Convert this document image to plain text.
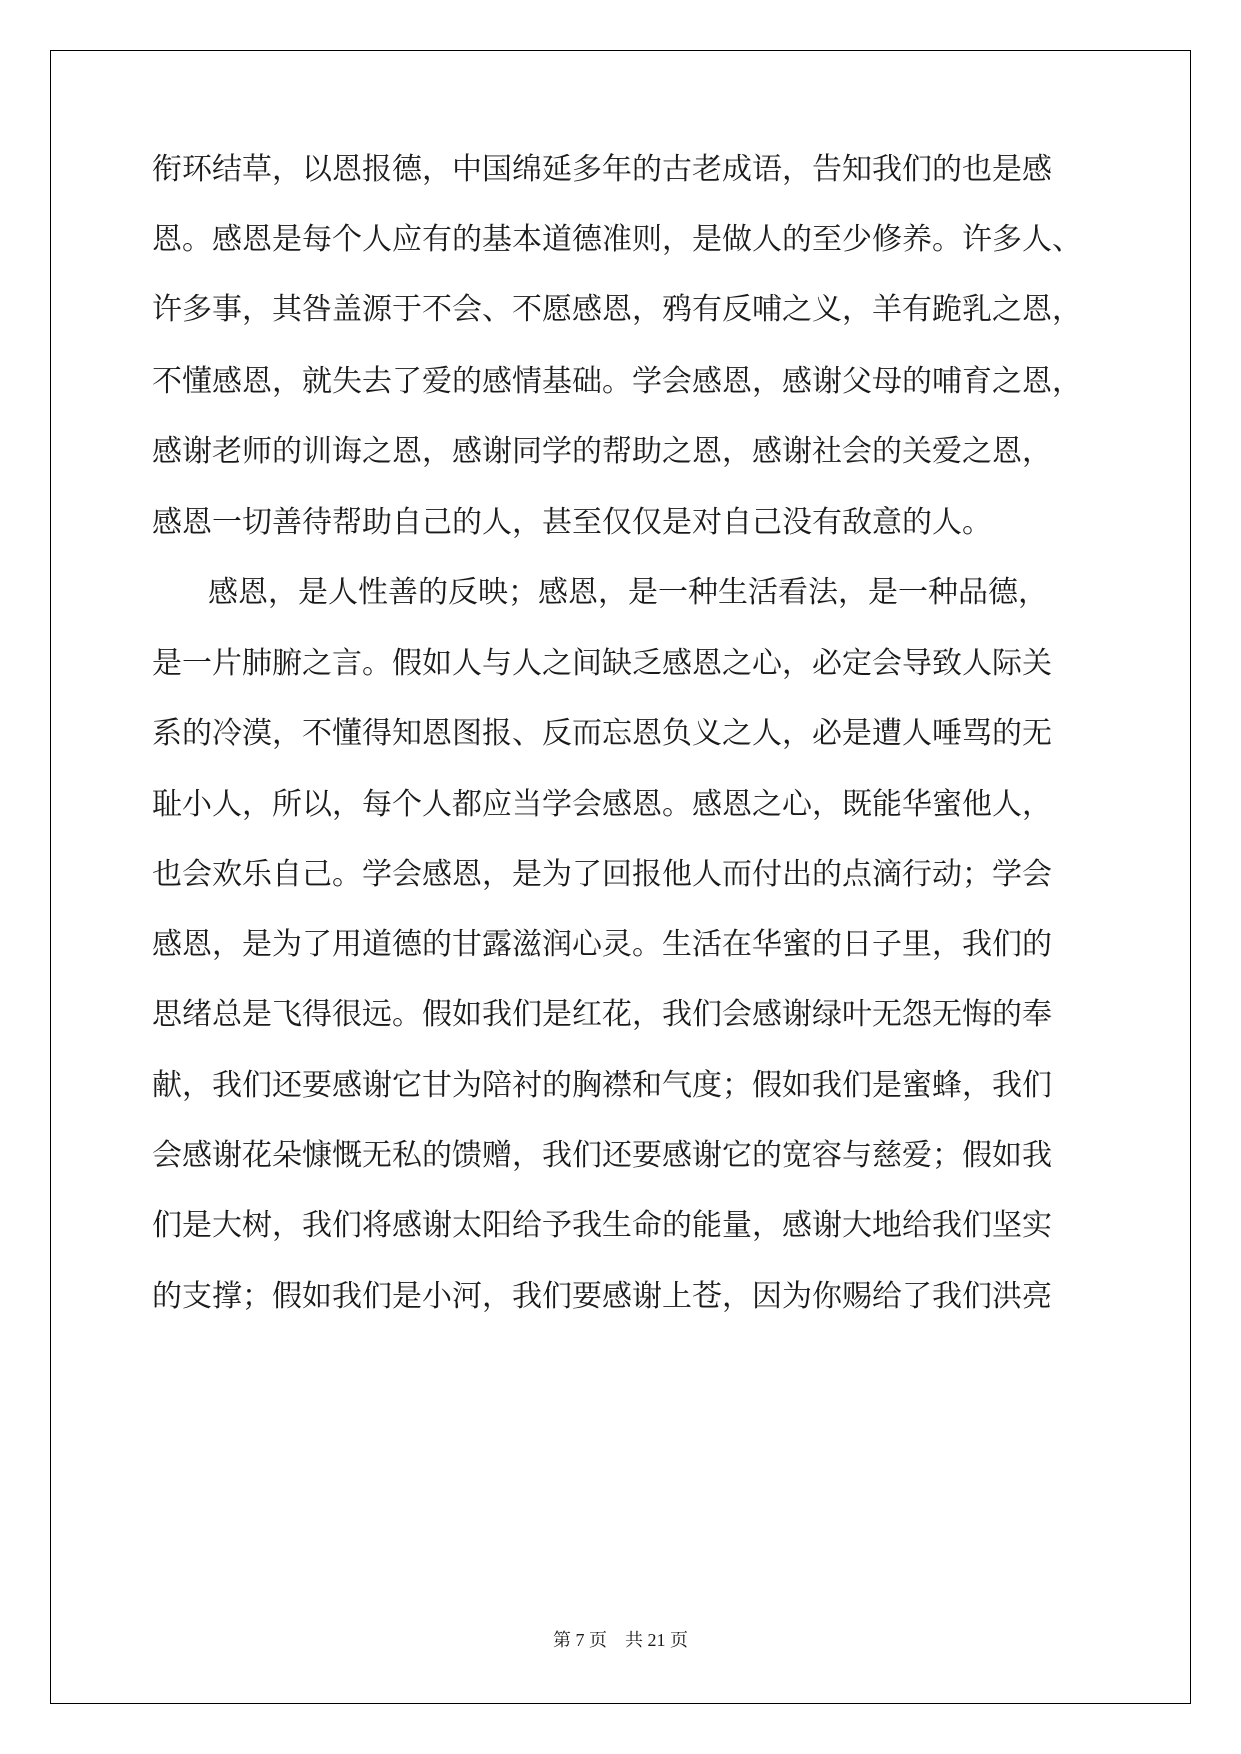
衔环结草，以恩报德，中国绵延多年的古老成语，告知我们的也是感
恩。感恩是每个人应有的基本道德准则，是做人的至少修养。许多人、
许多事，其咎盖源于不会、不愿感恩，鸦有反哺之义，羊有跪乳之恩，
不懂感恩，就失去了爱的感情基础。学会感恩，感谢父母的哺育之恩，
感谢老师的训诲之恩，感谢同学的帮助之恩，感谢社会的关爱之恩，
感恩一切善待帮助自己的人，甚至仅仅是对自己没有敌意的人。
感恩，是人性善的反映；感恩，是一种生活看法，是一种品德，
是一片肺腑之言。假如人与人之间缺乏感恩之心，必定会导致人际关
系的冷漠，不懂得知恩图报、反而忘恩负义之人，必是遭人唾骂的无
耻小人，所以，每个人都应当学会感恩。感恩之心，既能华蜜他人，
也会欢乐自己。学会感恩，是为了回报他人而付出的点滴行动；学会
感恩，是为了用道德的甘露滋润心灵。生活在华蜜的日子里，我们的
思绪总是飞得很远。假如我们是红花，我们会感谢绿叶无怨无悔的奉
献，我们还要感谢它甘为陪衬的胸襟和气度；假如我们是蜜蜂，我们
会感谢花朵慷慨无私的馈赠，我们还要感谢它的宽容与慈爱；假如我
们是大树，我们将感谢太阳给予我生命的能量，感谢大地给我们坚实
的支撑；假如我们是小河，我们要感谢上苍，因为你赐给了我们洪亮
第 7 页    共 21 页
